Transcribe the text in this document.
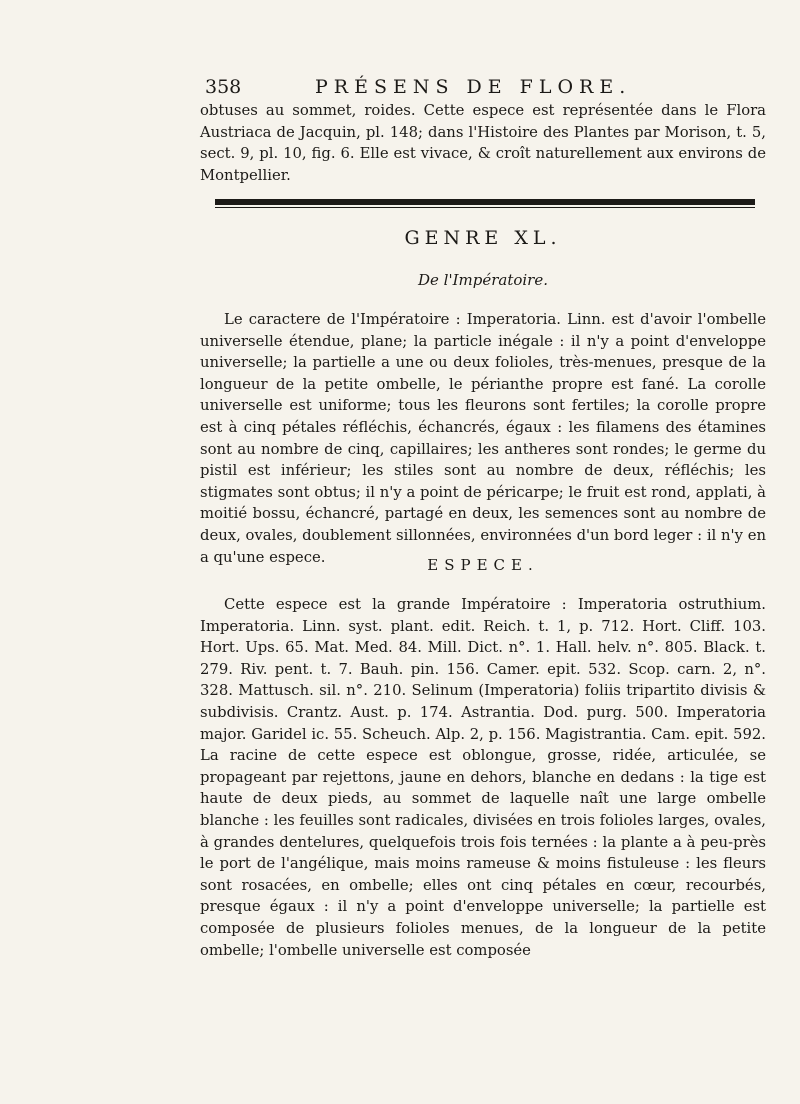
358	PRÉSENS DE FLORE.

obtuses au sommet, roides. Cette espece est représentée dans le Flora Austriaca de Jacquin, pl. 148; dans l'Histoire des Plantes par Morison, t. 5, sect. 9, pl. 10, fig. 6. Elle est vivace, & croît naturellement aux environs de Montpellier.

GENRE XL.
De l'Impératoire.

Le caractere de l'Impératoire : Imperatoria. Linn. est d'avoir l'ombelle universelle étendue, plane; la particle inégale : il n'y a point d'enveloppe universelle; la partielle a une ou deux folioles, très-menues, presque de la longueur de la petite ombelle, le périanthe propre est fané. La corolle universelle est uniforme; tous les fleurons sont fertiles; la corolle propre est à cinq pétales réfléchis, échancrés, égaux : les filamens des étamines sont au nombre de cinq, capillaires; les antheres sont rondes; le germe du pistil est inférieur; les stiles sont au nombre de deux, réfléchis; les stigmates sont obtus; il n'y a point de péricarpe; le fruit est rond, applati, à moitié bossu, échancré, partagé en deux, les semences sont au nombre de deux, ovales, doublement sillonnées, environnées d'un bord leger : il n'y en a qu'une espece.	ESPECE.

Cette espece est la grande Impératoire : Imperatoria ostruthium. Imperatoria. Linn. syst. plant. edit. Reich. t. 1, p. 712. Hort. Cliff. 103. Hort. Ups. 65. Mat. Med. 84. Mill. Dict. n°. 1. Hall. helv. n°. 805. Black. t. 279. Riv. pent. t. 7. Bauh. pin. 156. Camer. epit. 532. Scop. carn. 2, n°. 328. Mattusch. sil. n°. 210. Selinum (Imperatoria) foliis tripartito divisis & subdivisis. Crantz. Aust. p. 174. Astrantia. Dod. purg. 500. Imperatoria major. Garidel ic. 55. Scheuch. Alp. 2, p. 156. Magistrantia. Cam. epit. 592. La racine de cette espece est oblongue, grosse, ridée, articulée, se propageant par rejettons, jaune en dehors, blanche en dedans : la tige est haute de deux pieds, au sommet de laquelle naît une large ombelle blanche : les feuilles sont radicales, divisées en trois folioles larges, ovales, à grandes dentelures, quelquefois trois fois ternées : la plante a à peu-près le port de l'angélique, mais moins rameuse & moins fistuleuse : les fleurs sont rosacées, en ombelle; elles ont cinq pétales en cœur, recourbés, presque égaux : il n'y a point d'enveloppe universelle; la partielle est composée de plusieurs folioles menues, de la longueur de la petite ombelle; l'ombelle universelle est composée
